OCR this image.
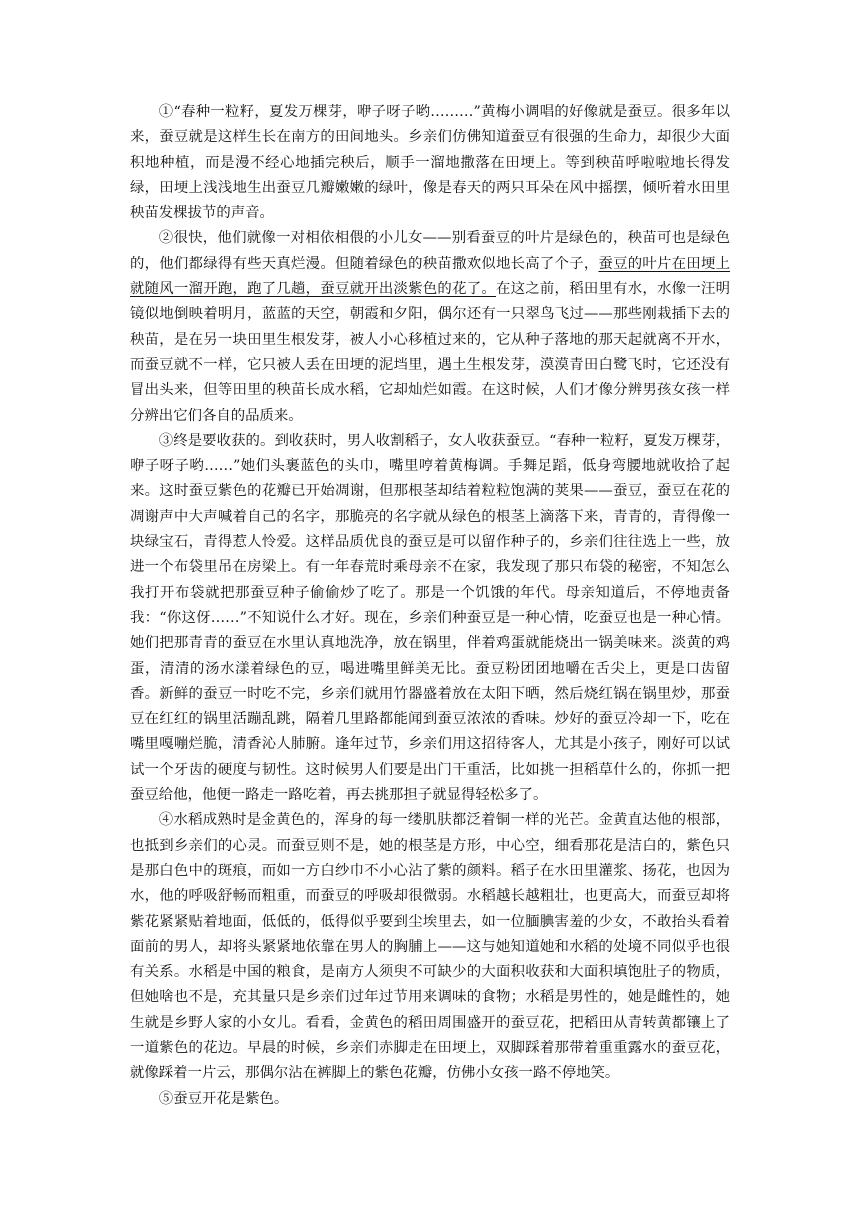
①“春种一粒籽，夏发万棵芽，咿子呀子哟………”黄梅小调唱的好像就是蚕豆。很多年以来，蚕豆就是这样生长在南方的田间地头。乡亲们仿佛知道蚕豆有很强的生命力，却很少大面积地种植，而是漫不经心地插完秧后，顺手一溜地撒落在田埂上。等到秧苗呼啦啦地长得发绿，田埂上浅浅地生出蚕豆几瓣嫩嫩的绿叶，像是春天的两只耳朵在风中摇摆，倾听着水田里秧苗发棵拔节的声音。

②很快，他们就像一对相依相偎的小儿女——别看蚕豆的叶片是绿色的，秧苗可也是绿色的，他们都绿得有些天真烂漫。但随着绿色的秧苗撒欢似地长高了个子，蚕豆的叶片在田埂上就随风一溜开跑，跑了几趟，蚕豆就开出淡紫色的花了。在这之前，稻田里有水，水像一汪明镜似地倒映着明月，蓝蓝的天空，朝霞和夕阳，偶尔还有一只翠鸟飞过——那些刚栽插下去的秧苗，是在另一块田里生根发芽，被人小心移植过来的，它从种子落地的那天起就离不开水，而蚕豆就不一样，它只被人丢在田埂的泥垱里，遇土生根发芽，漠漠青田白鹭飞时，它还没有冒出头来，但等田里的秧苗长成水稻，它却灿烂如霞。在这时候，人们才像分辨男孩女孩一样分辨出它们各自的品质来。

③终是要收获的。到收获时，男人收割稻子，女人收获蚕豆。“春种一粒籽，夏发万棵芽，咿子呀子哟……”她们头裹蓝色的头巾，嘴里哼着黄梅调。手舞足蹈，低身弯腰地就收拾了起来。这时蚕豆紫色的花瓣已开始凋谢，但那根茎却结着粒粒饱满的荚果——蚕豆，蚕豆在花的凋谢声中大声喊着自己的名字，那脆亮的名字就从绿色的根茎上滴落下来，青青的，青得像一块绿宝石，青得惹人怜爱。这样品质优良的蚕豆是可以留作种子的，乡亲们往往选上一些，放进一个布袋里吊在房梁上。有一年春荒时乘母亲不在家，我发现了那只布袋的秘密，不知怎么我打开布袋就把那蚕豆种子偷偷炒了吃了。那是一个饥饿的年代。母亲知道后，不停地责备我：“你这伢……”不知说什么才好。现在，乡亲们种蚕豆是一种心情，吃蚕豆也是一种心情。她们把那青青的蚕豆在水里认真地洗净，放在锅里，伴着鸡蛋就能烧出一锅美味来。淡黄的鸡蛋，清清的汤水漾着绿色的豆，喝进嘴里鲜美无比。蚕豆粉团团地嚼在舌尖上，更是口齿留香。新鲜的蚕豆一时吃不完，乡亲们就用竹器盛着放在太阳下晒，然后烧红锅在锅里炒，那蚕豆在红红的锅里活蹦乱跳，隔着几里路都能闻到蚕豆浓浓的香味。炒好的蚕豆冷却一下，吃在嘴里嘎嘣烂脆，清香沁人肺腑。逢年过节，乡亲们用这招待客人，尤其是小孩子，刚好可以试试一个牙齿的硬度与韧性。这时候男人们要是出门干重活，比如挑一担稻草什么的，你抓一把蚕豆给他，他便一路走一路吃着，再去挑那担子就显得轻松多了。

④水稻成熟时是金黄色的，浑身的每一缕肌肤都泛着铜一样的光芒。金黄直达他的根部，也抵到乡亲们的心灵。而蚕豆则不是，她的根茎是方形，中心空，细看那花是洁白的，紫色只是那白色中的斑痕，而如一方白纱巾不小心沾了紫的颜料。稻子在水田里灌浆、扬花，也因为水，他的呼吸舒畅而粗重，而蚕豆的呼吸却很微弱。水稻越长越粗壮，也更高大，而蚕豆却将紫花紧紧贴着地面，低低的，低得似乎要到尘埃里去，如一位腼腆害羞的少女，不敢抬头看着面前的男人，却将头紧紧地依靠在男人的胸脯上——这与她知道她和水稻的处境不同似乎也很有关系。水稻是中国的粮食，是南方人须臾不可缺少的大面积收获和大面积填饱肚子的物质，但她啥也不是，充其量只是乡亲们过年过节用来调味的食物；水稻是男性的，她是雌性的，她生就是乡野人家的小女儿。看看，金黄色的稻田周围盛开的蚕豆花，把稻田从青转黄都镶上了一道紫色的花边。早晨的时候，乡亲们赤脚走在田埂上，双脚踩着那带着重重露水的蚕豆花，就像踩着一片云，那偶尔沾在裤脚上的紫色花瓣，仿佛小女孩一路不停地笑。

⑤蚕豆开花是紫色。
